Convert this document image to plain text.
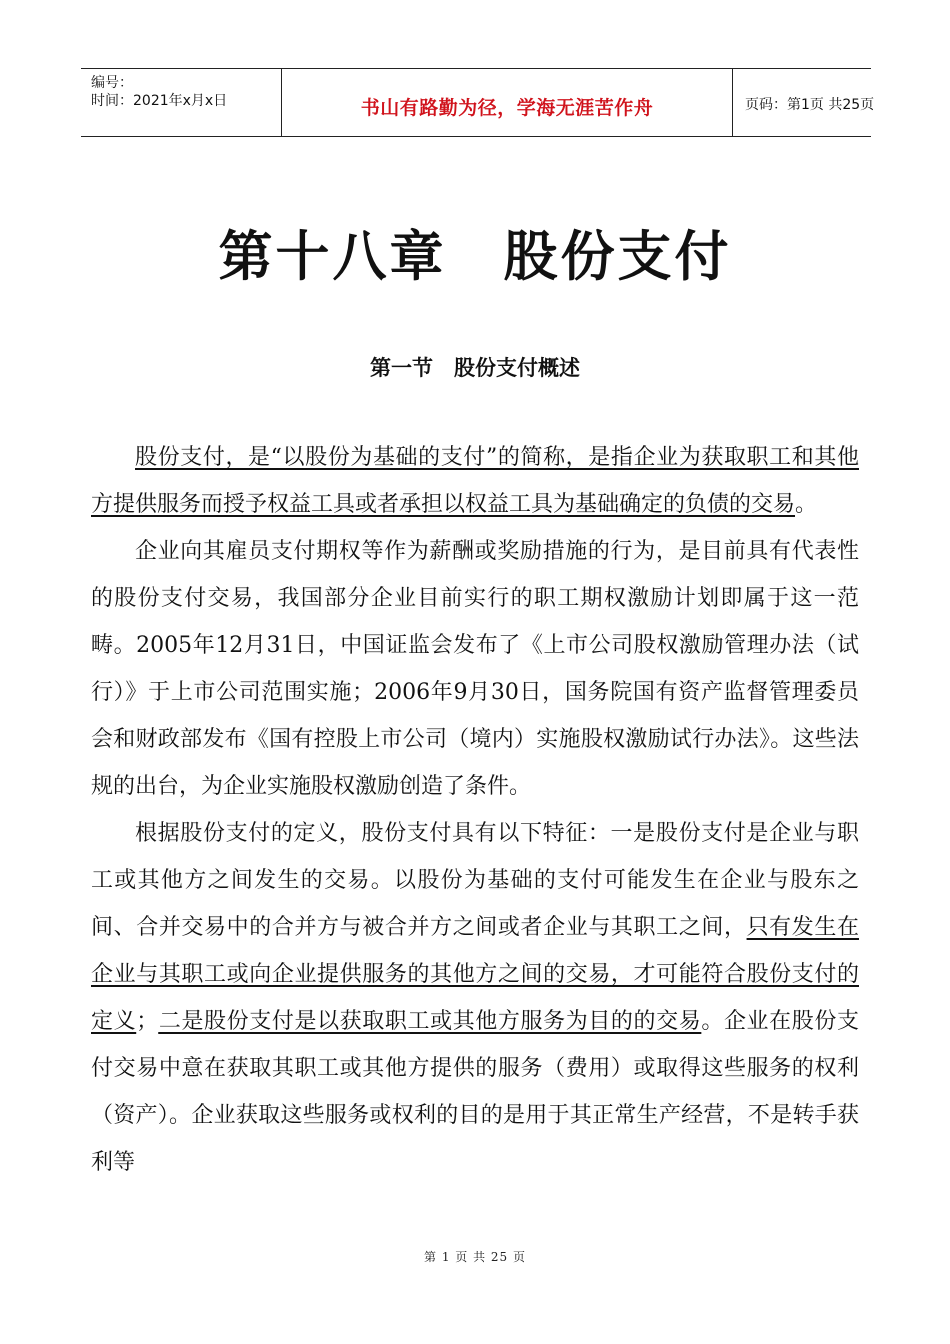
编号：
时间：2021年x月x日	书山有路勤为径，学海无涯苦作舟	页码：第1页 共25页
第十八章　股份支付
第一节　股份支付概述

股份支付，是“以股份为基础的支付”的简称，是指企业为获取职工和其他方提供服务而授予权益工具或者承担以权益工具为基础确定的负债的交易。

企业向其雇员支付期权等作为薪酬或奖励措施的行为，是目前具有代表性的股份支付交易，我国部分企业目前实行的职工期权激励计划即属于这一范畴。2005年12月31日，中国证监会发布了《上市公司股权激励管理办法（试行）》于上市公司范围实施；2006年9月30日，国务院国有资产监督管理委员会和财政部发布《国有控股上市公司（境内）实施股权激励试行办法》。这些法规的出台，为企业实施股权激励创造了条件。

根据股份支付的定义，股份支付具有以下特征：一是股份支付是企业与职工或其他方之间发生的交易。以股份为基础的支付可能发生在企业与股东之间、合并交易中的合并方与被合并方之间或者企业与其职工之间，只有发生在企业与其职工或向企业提供服务的其他方之间的交易，才可能符合股份支付的定义；二是股份支付是以获取职工或其他方服务为目的的交易。企业在股份支付交易中意在获取其职工或其他方提供的服务（费用）或取得这些服务的权利（资产）。企业获取这些服务或权利的目的是用于其正常生产经营，不是转手获利等

第 1 页 共 25 页
